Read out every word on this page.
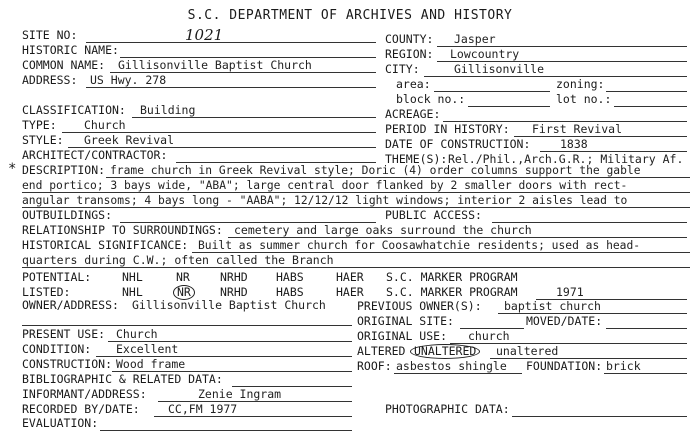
S.C. DEPARTMENT OF ARCHIVES AND HISTORY
SITE NO:	1021
HISTORIC NAME:
COMMON NAME: Gillisonville Baptist Church
ADDRESS: US Hwy. 278
CLASSIFICATION: Building
TYPE: Church
STYLE: Greek Revival
ARCHITECT/CONTRACTOR:
COUNTY: Jasper
REGION: Lowcountry
CITY:	Gillisonville
area:	zoning:
block no.:	lot no.:
ACREAGE:
PERIOD IN HISTORY: First Revival
DATE OF CONSTRUCTION:	1838
THEME(S): Rel./Phil.,Arch.G.R.; Military Af.
* DESCRIPTION: frame church in Greek Revival style; Doric (4) order columns support the gable
end portico; 3 bays wide, "ABA"; large central door flanked by 2 smaller doors with rect-
angular transoms; 4 bays long - "AABA"; 12/12/12 light windows; interior 2 aisles lead to
OUTBUILDINGS:	PUBLIC ACCESS:
RELATIONSHIP TO SURROUNDINGS: cemetery and large oaks surround the church
HISTORICAL SIGNIFICANCE: Built as summer church for Coosawhatchie residents; used as head-
quarters during C.W.; often called the Branch
POTENTIAL:	NHL	NR	NRHD HABS	HAER S.C. MARKER PROGRAM
LISTED:	NHL	NR	NRHD HABS	HAER S.C. MARKER PROGRAM	1971
OWNER/ADDRESS: Gillisonville Baptist Church	PREVIOUS OWNER(S): baptist church
ORIGINAL SITE:	MOVED/DATE:
ORIGINAL USE: church
PRESENT USE: Church
CONDITION: Excellent	ALTERED UNALTERED	unaltered
CONSTRUCTION: Wood frame	ROOF: asbestos shingle FOUNDATION: brick
BIBLIOGRAPHIC & RELATED DATA:
INFORMANT/ADDRESS:	Zenie Ingram
RECORDED BY/DATE: CC,FM 1977	PHOTOGRAPHIC DATA:
EVALUATION:
